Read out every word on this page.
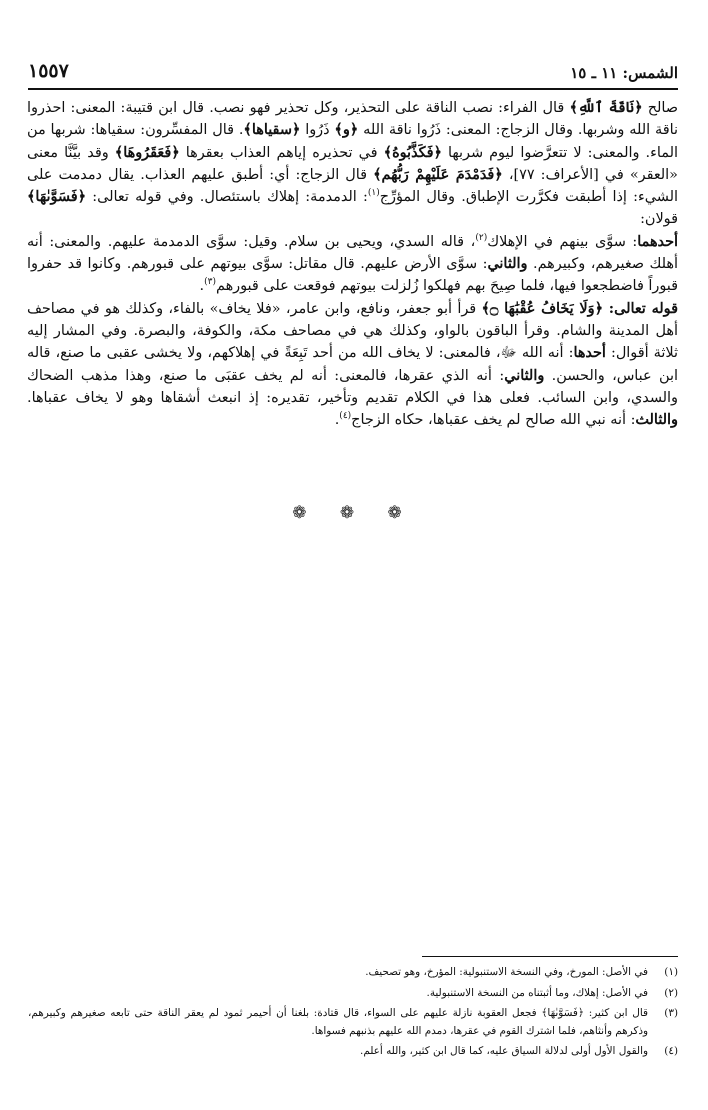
الشمس: ١١ ـ ١٥
١٥٥٧

صالح ﴿نَاقَةَ ٱللَّهِ﴾ قال الفراء: نصب الناقة على التحذير، وكل تحذير فهو نصب. قال ابن قتيبة: المعنى: احذروا ناقة الله وشربها. وقال الزجاج: المعنى: ذَرُوا ناقة الله ﴿و﴾ ذَرُوا ﴿سقياها﴾. قال المفسِّرون: سقياها: شربها من الماء. والمعنى: لا تتعرَّضوا ليوم شربها ﴿فَكَذَّبُوهُ﴾ في تحذيره إياهم العذاب بعقرها ﴿فَعَقَرُوهَا﴾ وقد بيَّنَّا معنى «العقر» في [الأعراف: ٧٧]، ﴿فَدَمْدَمَ عَلَيْهِمْ رَبُّهُم﴾ قال الزجاج: أي: أطبق عليهم العذاب. يقال دمدمت على الشيء: إذا أطبقت فكرَّرت الإطباق. وقال المؤرِّج$^{(١)}$: الدمدمة: إهلاك باستئصال. وفي قوله تعالى: ﴿فَسَوَّىٰهَا﴾ قولان:

أحدهما: سوَّى بينهم في الإهلاك$^{(٢)}$، قاله السدي، ويحيى بن سلام. وقيل: سوَّى الدمدمة عليهم. والمعنى: أنه أهلك صغيرهم، وكبيرهم. والثاني: سوَّى الأرض عليهم. قال مقاتل: سوَّى بيوتهم على قبورهم. وكانوا قد حفروا قبوراً فاضطجعوا فيها، فلما صِيحَ بهم فهلكوا زُلزلت بيوتهم فوقعت على قبورهم$^{(٣)}$.

قوله تعالى: ﴿وَلَا يَخَافُ عُقْبَٰهَا ۝﴾ قرأ أبو جعفر، ونافع، وابن عامر، «فلا يخاف» بالفاء، وكذلك هو في مصاحف أهل المدينة والشام. وقرأ الباقون بالواو، وكذلك هي في مصاحف مكة، والكوفة، والبصرة. وفي المشار إليه ثلاثة أقوال: أحدها: أنه الله ﷻ، فالمعنى: لا يخاف الله من أحد تَبِعَةً في إهلاكهم، ولا يخشى عقبى ما صنع، قاله ابن عباس، والحسن. والثاني: أنه الذي عقرها، فالمعنى: أنه لم يخف عقبَى ما صنع، وهذا مذهب الضحاك والسدي، وابن السائب. فعلى هذا في الكلام تقديم وتأخير، تقديره: إذ انبعث أشقاها وهو لا يخاف عقباها. والثالث: أنه نبي الله صالح لم يخف عقباها، حكاه الزجاج$^{(٤)}$.

❁ ❁ ❁
(١)
في الأصل: المورخ، وفي النسخة الاستنبولية: المؤرخ، وهو تصحيف.
(٢)
في الأصل: إهلاك، وما أثبتناه من النسخة الاستنبولية.
(٣)
قال ابن كثير: ﴿فَسَوَّىٰهَا﴾ فجعل العقوبة نازلة عليهم على السواء، قال قتادة: بلغنا أن أحيمر ثمود لم يعقر الناقة حتى تابعه صغيرهم وكبيرهم، وذكرهم وأنثاهم، فلما اشترك القوم في عقرها، دمدم الله عليهم بذنبهم فسواها.
(٤)
والقول الأول أولى لدلالة السياق عليه، كما قال ابن كثير، والله أعلم.
